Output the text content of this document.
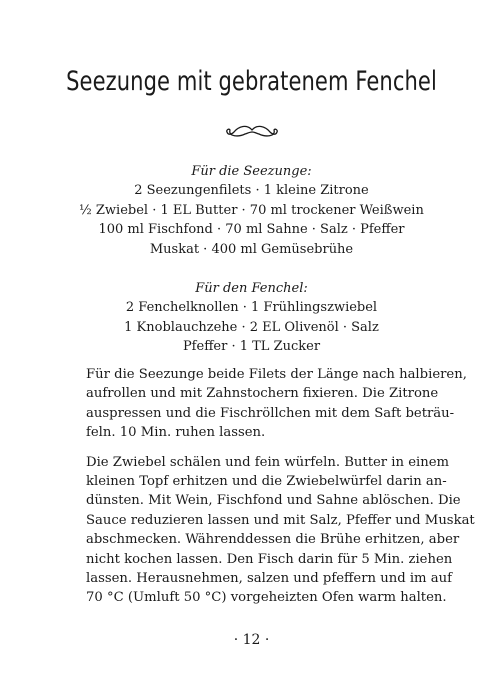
Seezunge mit gebratenem Fenchel
Für die Seezunge:
2 Seezungenfilets · 1 kleine Zitrone
½ Zwiebel · 1 EL Butter · 70 ml trockener Weißwein
100 ml Fischfond · 70 ml Sahne · Salz · Pfeffer
Muskat · 400 ml Gemüsebrühe
Für den Fenchel:
2 Fenchelknollen · 1 Frühlingszwiebel
1 Knoblauchzehe · 2 EL Olivenöl · Salz
Pfeffer · 1 TL Zucker
Für die Seezunge beide Filets der Länge nach halbieren,
aufrollen und mit Zahnstochern fixieren. Die Zitrone
auspressen und die Fischröllchen mit dem Saft beträu-
feln. 10 Min. ruhen lassen.
Die Zwiebel schälen und fein würfeln. Butter in einem
kleinen Topf erhitzen und die Zwiebelwürfel darin an-
dünsten. Mit Wein, Fischfond und Sahne ablöschen. Die
Sauce reduzieren lassen und mit Salz, Pfeffer und Muskat
abschmecken. Währenddessen die Brühe erhitzen, aber
nicht kochen lassen. Den Fisch darin für 5 Min. ziehen
lassen. Herausnehmen, salzen und pfeffern und im auf
70 °C (Umluft 50 °C) vorgeheizten Ofen warm halten.
· 12 ·
